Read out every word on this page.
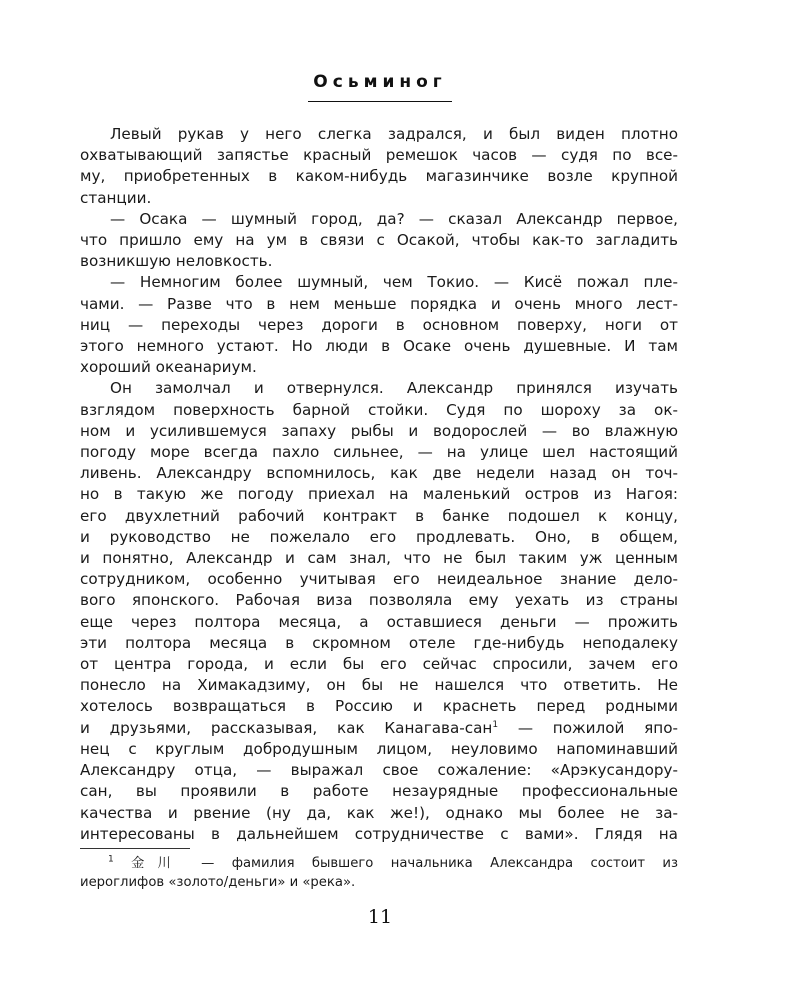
Осьминог
Левый рукав у него слегка задрался, и был виден плотно
охватывающий запястье красный ремешок часов — судя по все-
му, приобретенных в каком-нибудь магазинчике возле крупной
станции.
— Осака — шумный город, да? — сказал Александр первое,
что пришло ему на ум в связи с Осакой, чтобы как-то загладить
возникшую неловкость.
— Немногим более шумный, чем Токио. — Кисё пожал пле-
чами. — Разве что в нем меньше порядка и очень много лест-
ниц — переходы через дороги в основном поверху, ноги от
этого немного устают. Но люди в Осаке очень душевные. И там
хороший океанариум.
Он замолчал и отвернулся. Александр принялся изучать
взглядом поверхность барной стойки. Судя по шороху за ок-
ном и усилившемуся запаху рыбы и водорослей — во влажную
погоду море всегда пахло сильнее, — на улице шел настоящий
ливень. Александру вспомнилось, как две недели назад он точ-
но в такую же погоду приехал на маленький остров из Нагоя:
его двухлетний рабочий контракт в банке подошел к концу,
и руководство не пожелало его продлевать. Оно, в общем,
и понятно, Александр и сам знал, что не был таким уж ценным
сотрудником, особенно учитывая его неидеальное знание дело-
вого японского. Рабочая виза позволяла ему уехать из страны
еще через полтора месяца, а оставшиеся деньги — прожить
эти полтора месяца в скромном отеле где-нибудь неподалеку
от центра города, и если бы его сейчас спросили, зачем его
понесло на Химакадзиму, он бы не нашелся что ответить. Не
хотелось возвращаться в Россию и краснеть перед родными
и друзьями, рассказывая, как Канагава-сан$^1$ — пожилой япо-
нец с круглым добродушным лицом, неуловимо напоминавший
Александру отца, — выражал свое сожаление: «Арэкусандору-
сан, вы проявили в работе незаурядные профессиональные
качества и рвение (ну да, как же!), однако мы более не за-
интересованы в дальнейшем сотрудничестве с вами». Глядя на
$^1$ 金川 — фамилия бывшего начальника Александра состоит из
иероглифов «золото/деньги» и «река».
11
